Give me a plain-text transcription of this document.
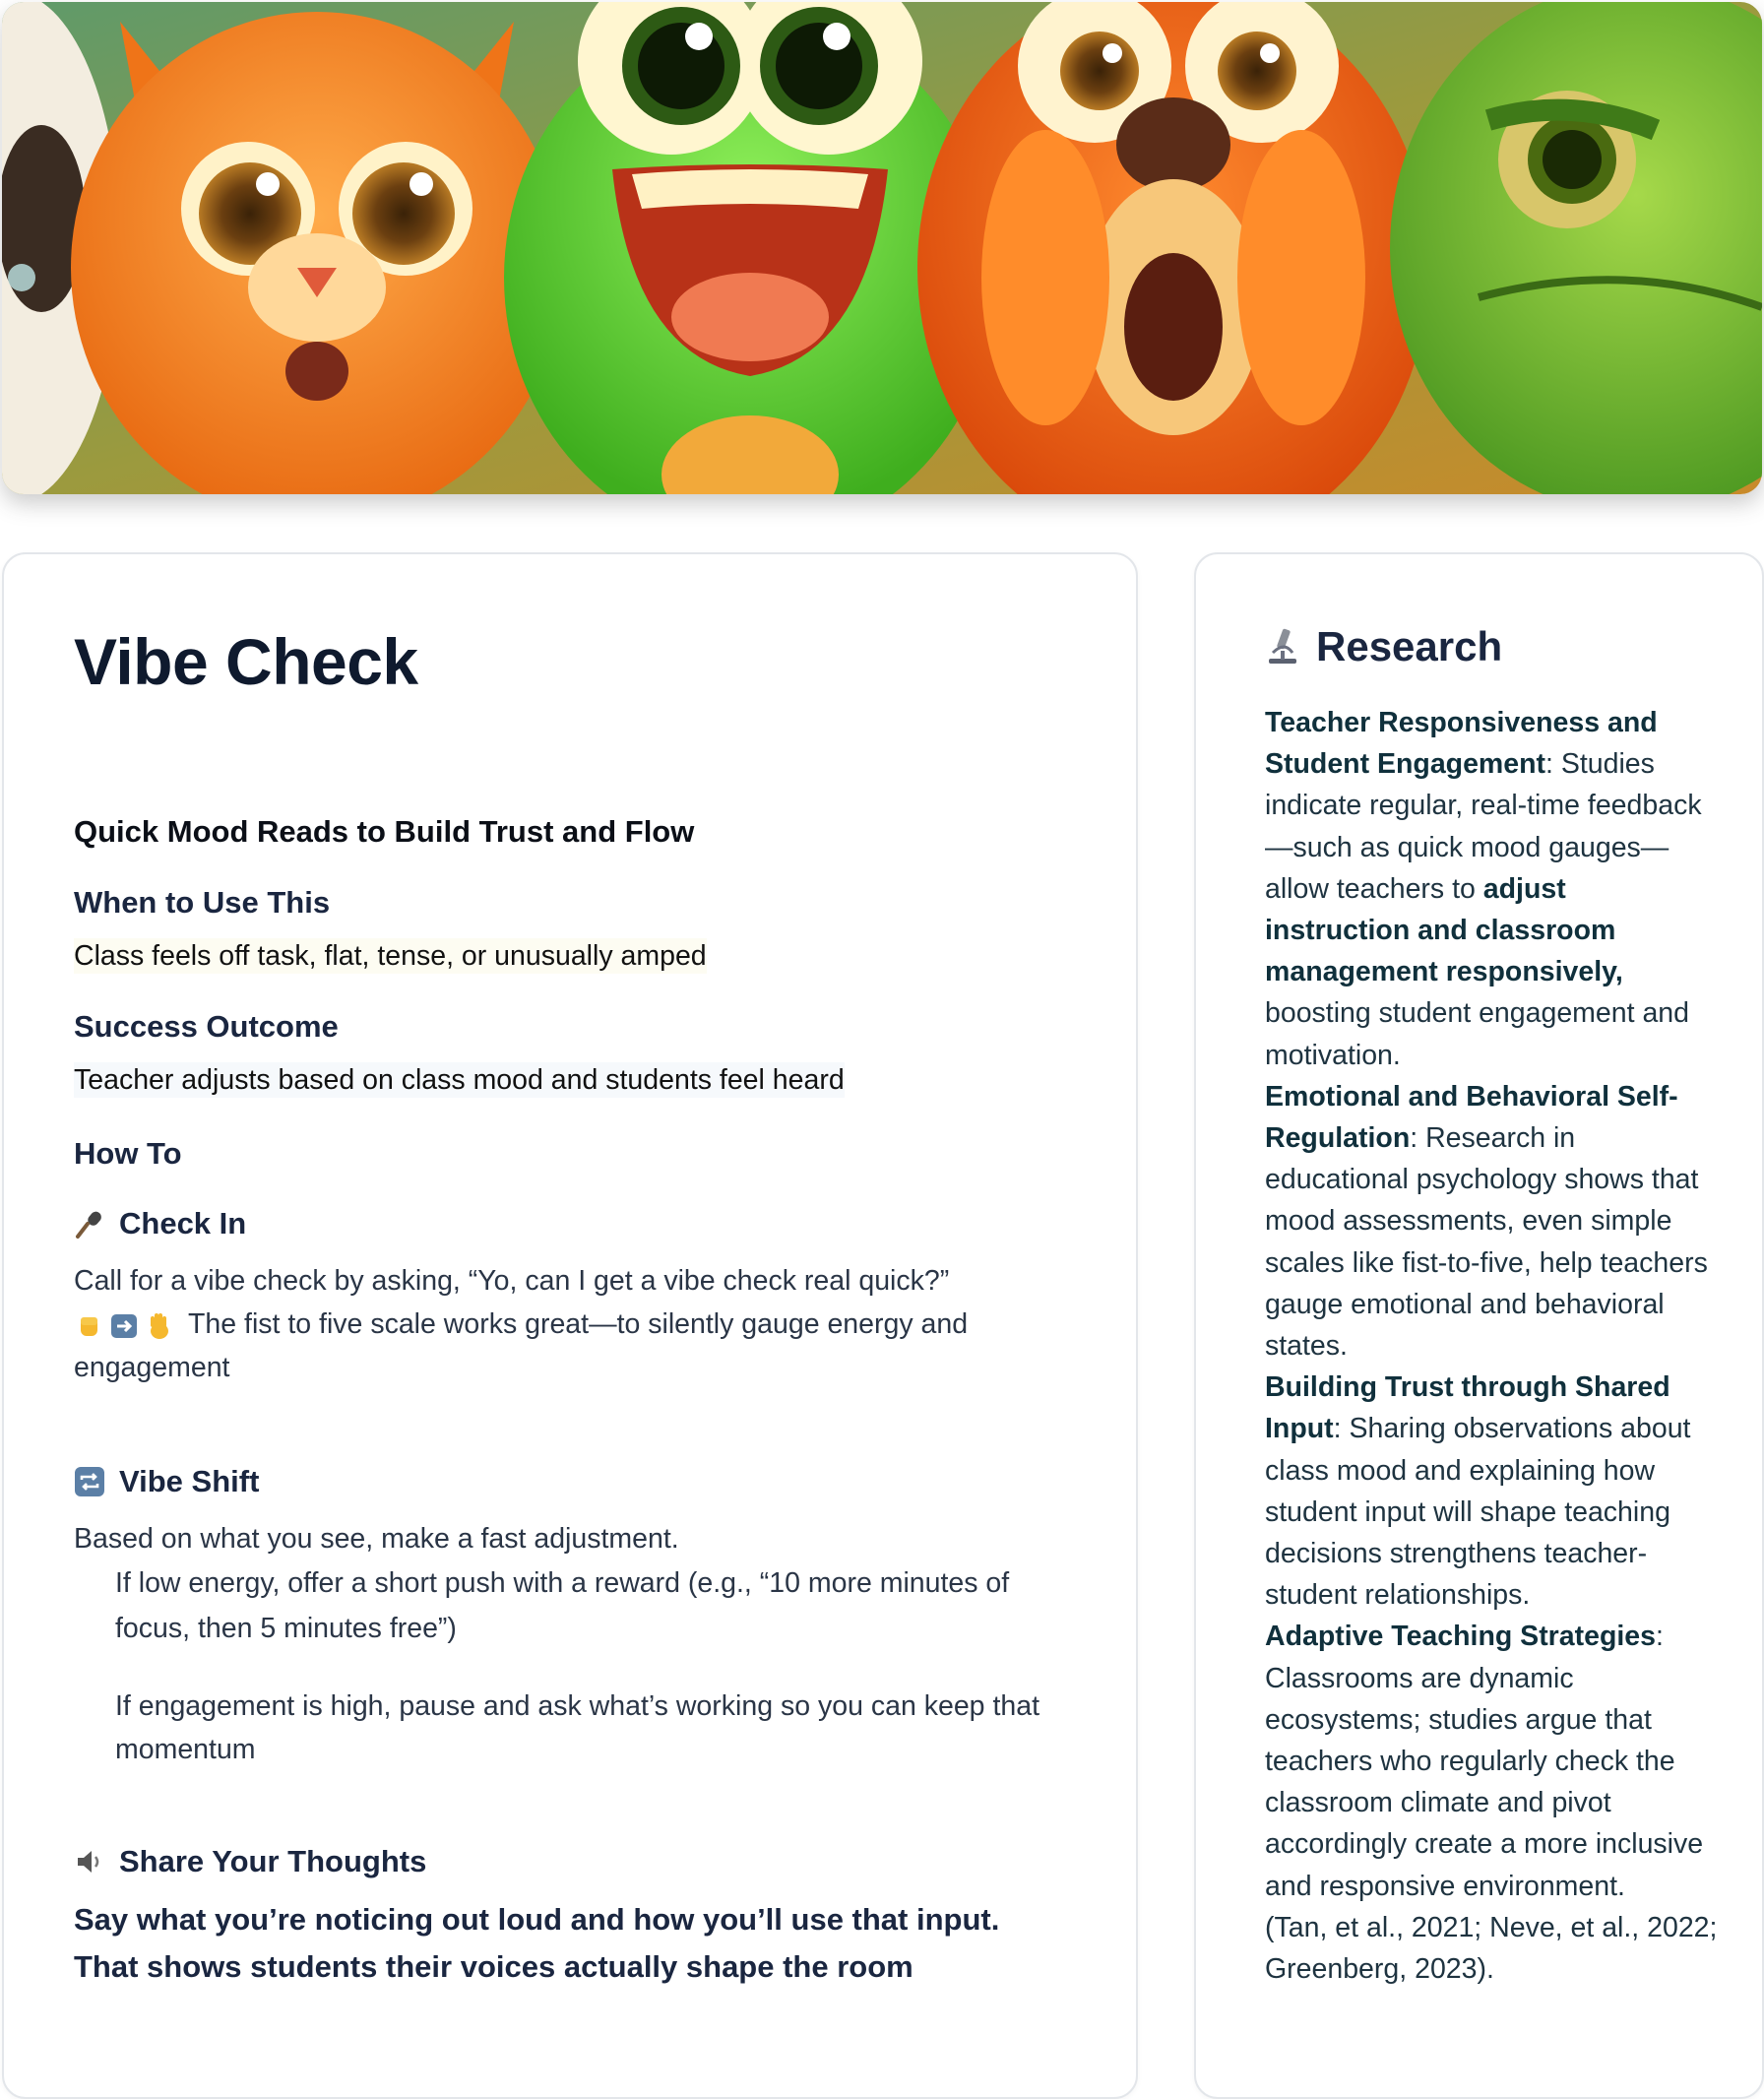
Vibe Check
Quick Mood Reads to Build Trust and Flow
When to Use This
Class feels off task, flat, tense, or unusually amped
Success Outcome
Teacher adjusts based on class mood and students feel heard
How To
Check In
Call for a vibe check by asking, “Yo, can I get a vibe check real quick?”
The fist to five scale works great—to silently gauge energy and engagement
Vibe Shift
Based on what you see, make a fast adjustment.
If low energy, offer a short push with a reward (e.g., “10 more minutes of focus, then 5 minutes free”)
If engagement is high, pause and ask what’s working so you can keep that momentum
Share Your Thoughts
Say what you’re noticing out loud and how you’ll use that input. That shows students their voices actually shape the room
Research
Teacher Responsiveness and Student Engagement: Studies indicate regular, real-time feedback—such as quick mood gauges—allow teachers to adjust instruction and classroom management responsively, boosting student engagement and motivation.
Emotional and Behavioral Self-Regulation: Research in educational psychology shows that mood assessments, even simple scales like fist-to-five, help teachers gauge emotional and behavioral states.
Building Trust through Shared Input: Sharing observations about class mood and explaining how student input will shape teaching decisions strengthens teacher-student relationships.
Adaptive Teaching Strategies: Classrooms are dynamic ecosystems; studies argue that teachers who regularly check the classroom climate and pivot accordingly create a more inclusive and responsive environment.
(Tan, et al., 2021; Neve, et al., 2022; Greenberg, 2023).
